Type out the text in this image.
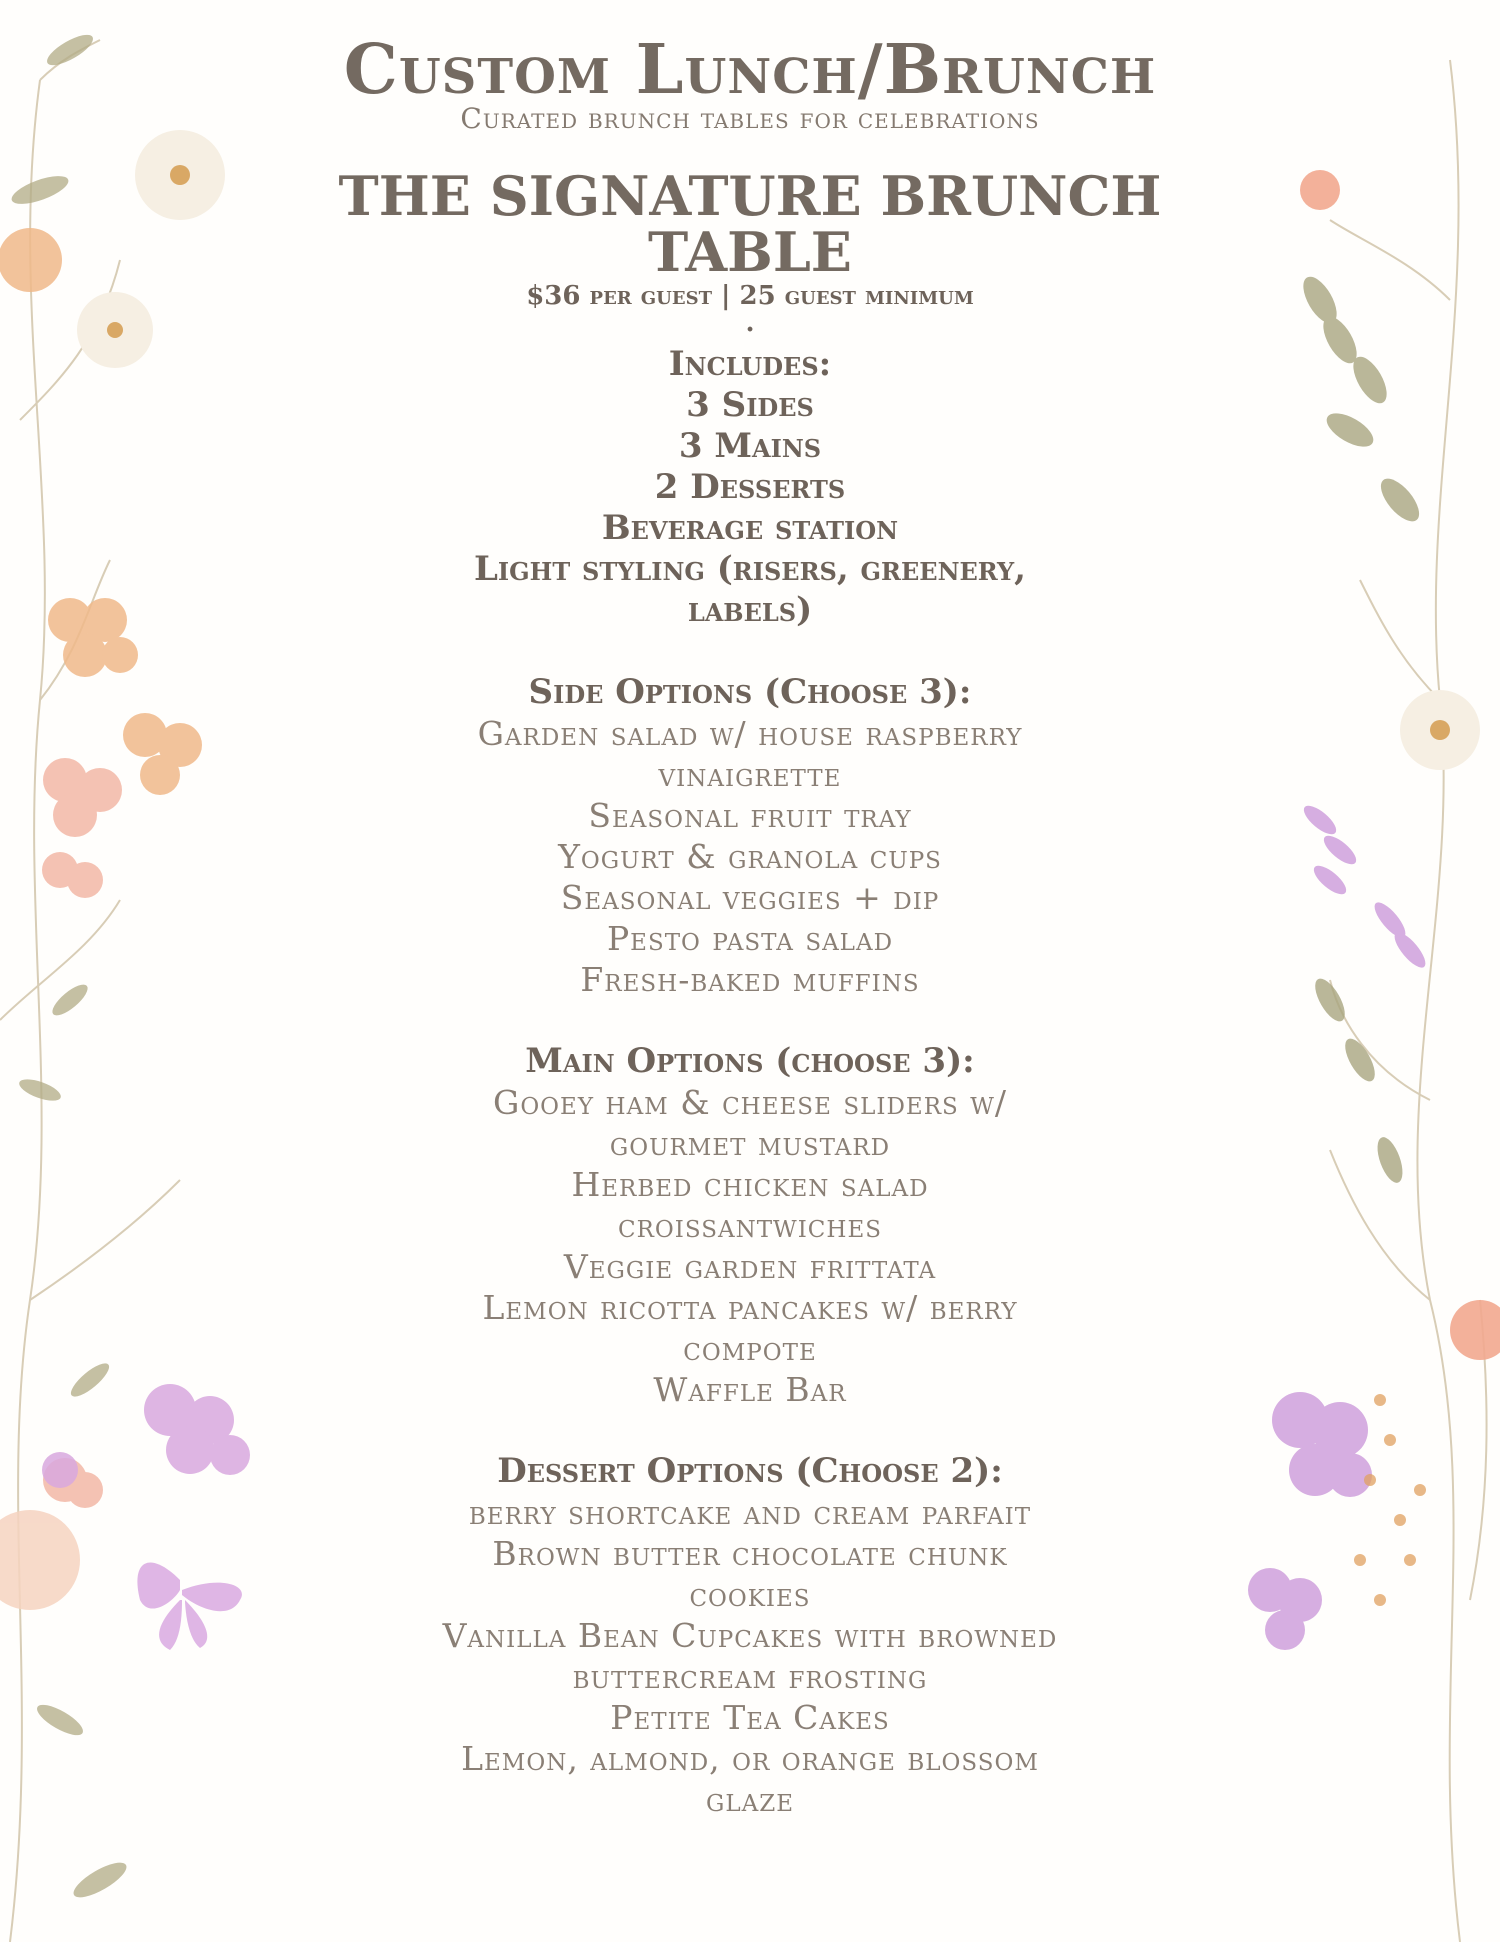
Custom Lunch/Brunch

Curated brunch tables for celebrations

THE SIGNATURE BRUNCH

TABLE

$36 per guest | 25 guest minimum

.

Includes:

3 Sides

3 Mains

2 Desserts

Beverage station

Light styling (risers, greenery,

labels)

Side Options (Choose 3):

Garden salad w/ house raspberry

vinaigrette

Seasonal fruit tray

Yogurt & granola cups

Seasonal veggies + dip

Pesto pasta salad

Fresh-baked muffins

Main Options (choose 3):

Gooey ham & cheese sliders w/

gourmet mustard

Herbed chicken salad

croissantwiches

Veggie garden frittata

Lemon ricotta pancakes w/ berry

compote

Waffle Bar

Dessert Options (Choose 2):

berry shortcake and cream parfait

Brown butter chocolate chunk

cookies

Vanilla Bean Cupcakes with browned

buttercream frosting

Petite Tea Cakes

Lemon, almond, or orange blossom

glaze
